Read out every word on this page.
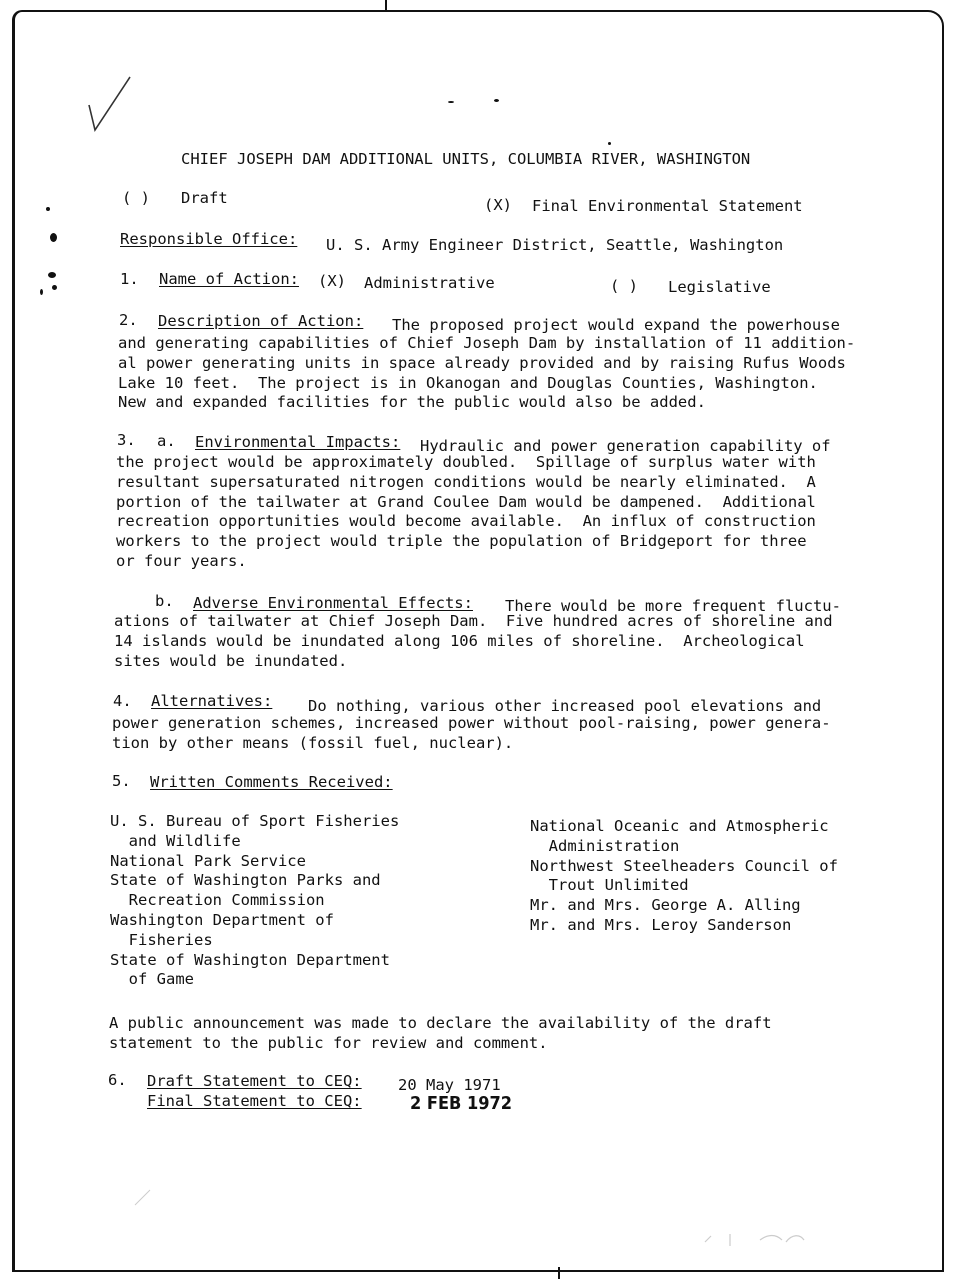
CHIEF JOSEPH DAM ADDITIONAL UNITS, COLUMBIA RIVER, WASHINGTON
( ) Draft	(X) Final Environmental Statement
Responsible Office: U. S. Army Engineer District, Seattle, Washington
1. Name of Action: (X) Administrative	( ) Legislative
2. Description of Action: The proposed project would expand the powerhouse
and generating capabilities of Chief Joseph Dam by installation of 11 addition-
al power generating units in space already provided and by raising Rufus Woods
Lake 10 feet.  The project is in Okanogan and Douglas Counties, Washington.
New and expanded facilities for the public would also be added.
3. a. Environmental Impacts: Hydraulic and power generation capability of
the project would be approximately doubled.  Spillage of surplus water with
resultant supersaturated nitrogen conditions would be nearly eliminated.  A
portion of the tailwater at Grand Coulee Dam would be dampened.  Additional
recreation opportunities would become available.  An influx of construction
workers to the project would triple the population of Bridgeport for three
or four years.
b. Adverse Environmental Effects: There would be more frequent fluctu-
ations of tailwater at Chief Joseph Dam.  Five hundred acres of shoreline and
14 islands would be inundated along 106 miles of shoreline.  Archeological
sites would be inundated.
4. Alternatives: Do nothing, various other increased pool elevations and
power generation schemes, increased power without pool-raising, power genera-
tion by other means (fossil fuel, nuclear).
5. Written Comments Received:
U. S. Bureau of Sport Fisheries
and Wildlife
National Park Service
State of Washington Parks and
Recreation Commission
Washington Department of
Fisheries
State of Washington Department
of Game
National Oceanic and Atmospheric
Administration
Northwest Steelheaders Council of
Trout Unlimited
Mr. and Mrs. George A. Alling
Mr. and Mrs. Leroy Sanderson
A public announcement was made to declare the availability of the draft
statement to the public for review and comment.
6. Draft Statement to CEQ: 20 May 1971
Final Statement to CEQ:	2 FEB 1972
